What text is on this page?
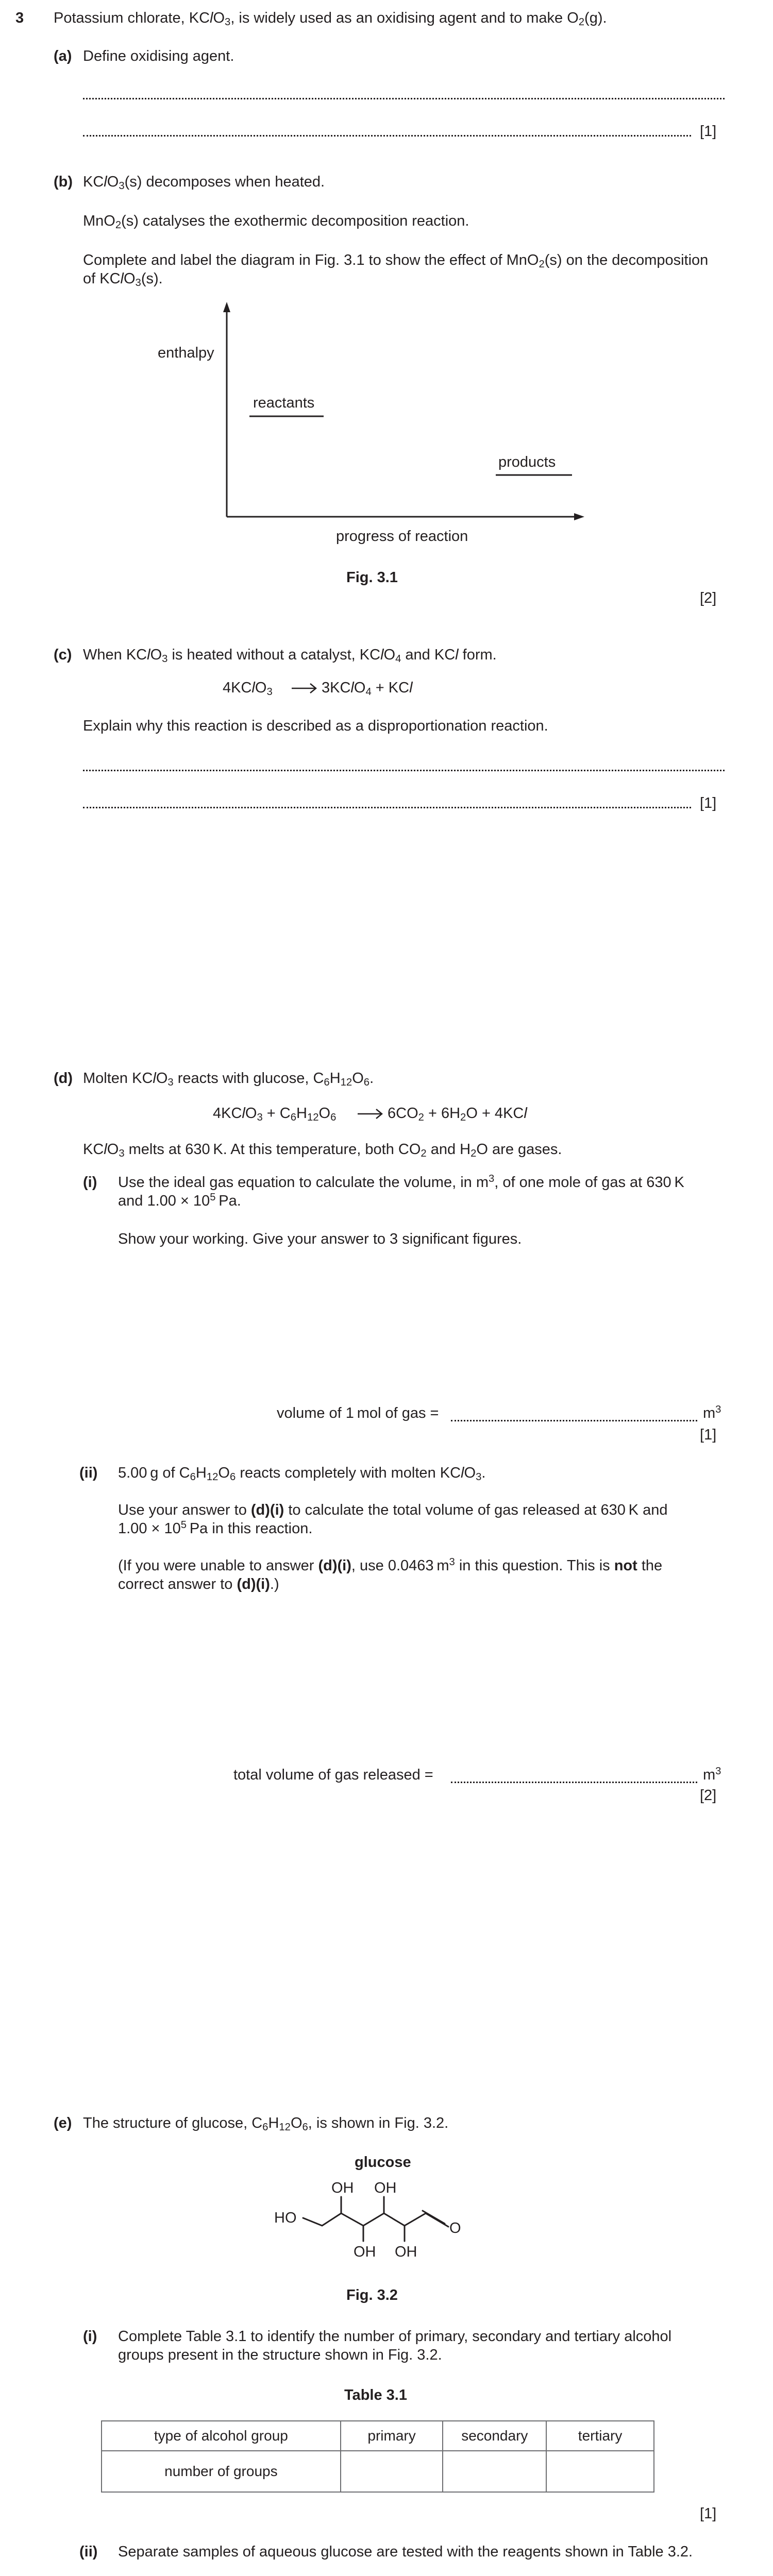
3 Potassium chlorate, KClO$_3$, is widely used as an oxidising agent and to make $O_2(g)$.
(a) Define oxidising agent.
[1]
(b) KClO$_3$(s) decomposes when heated.
MnO$_2$(s) catalyses the exothermic decomposition reaction.
Complete and label the diagram in Fig. 3.1 to show the effect of MnO$_2$(s) on the decomposition
of KClO$_3$(s).
enthalpy
reactants
products
progress of reaction
Fig. 3.1
[2]
(c) When KClO$_3$ is heated without a catalyst, KClO$_4$ and KCl form.
4KClO$_3$ → 3KClO$_4$ + KCl
Explain why this reaction is described as a disproportionation reaction.
[1]
(d) Molten KClO$_3$ reacts with glucose, $C_6H_{12}O_6$.
4KClO$_3$ + $C_6H_{12}O_6 \to 6CO_2 + 6H_2O + 4KCl$
KClO$_3$ melts at 630 K. At this temperature, both $CO_2$ and $H_2O$ are gases.
(i) Use the ideal gas equation to calculate the volume, in $m^3$, of one mole of gas at 630 K
and $1.00 \times 10^5$ Pa.
Show your working. Give your answer to 3 significant figures.
volume of 1 mol of gas =	$m^3$
[1]
(ii) 5.00 g of $C_6H_{12}O_6$ reacts completely with molten KClO$_3$.
Use your answer to (d)(i) to calculate the total volume of gas released at 630 K and
$1.00 \times 10^5$ Pa in this reaction.
(If you were unable to answer (d)(i), use 0.0463 $m^3$ in this question. This is not the
correct answer to (d)(i).)
total volume of gas released =	$m^3$
[2]
(e) The structure of glucose, $C_6H_{12}O_6$, is shown in Fig. 3.2.
glucose
HO
OH OH
OH OH
O
Fig. 3.2
(i) Complete Table 3.1 to identify the number of primary, secondary and tertiary alcohol
groups present in the structure shown in Fig. 3.2.
Table 3.1
type of alcohol group	primary	secondary	tertiary
number of groups			
[1]
(ii) Separate samples of aqueous glucose are tested with the reagents shown in Table 3.2.
